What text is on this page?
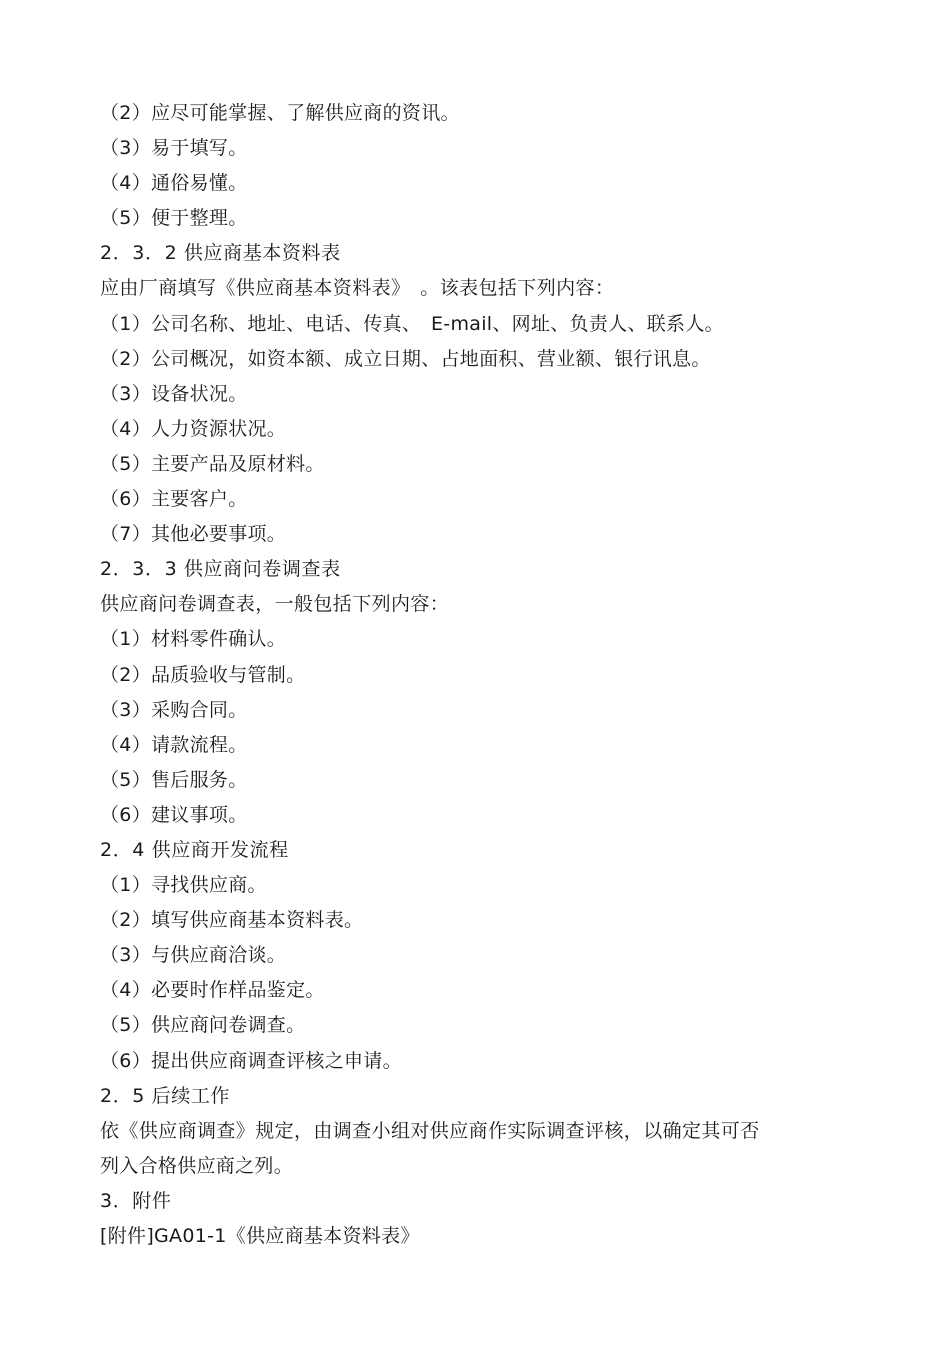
（2）应尽可能掌握、了解供应商的资讯。
（3）易于填写。
（4）通俗易懂。
（5）便于整理。
2．3．2 供应商基本资料表
应由厂商填写《供应商基本资料表》　。该表包括下列内容：
（1）公司名称、地址、电话、传真、　E-mail、网址、负责人、联系人。
（2）公司概况，如资本额、成立日期、占地面积、营业额、银行讯息。
（3）设备状况。
（4）人力资源状况。
（5）主要产品及原材料。
（6）主要客户。
（7）其他必要事项。
2．3．3 供应商问卷调查表
供应商问卷调查表，一般包括下列内容：
（1）材料零件确认。
（2）品质验收与管制。
（3）采购合同。
（4）请款流程。
（5）售后服务。
（6）建议事项。
2．4 供应商开发流程
（1）寻找供应商。
（2）填写供应商基本资料表。
（3）与供应商洽谈。
（4）必要时作样品鉴定。
（5）供应商问卷调查。
（6）提出供应商调查评核之申请。
2．5 后续工作
依《供应商调查》规定，由调查小组对供应商作实际调查评核，以确定其可否
列入合格供应商之列。
3．附件
[附件]GA01-1《供应商基本资料表》
